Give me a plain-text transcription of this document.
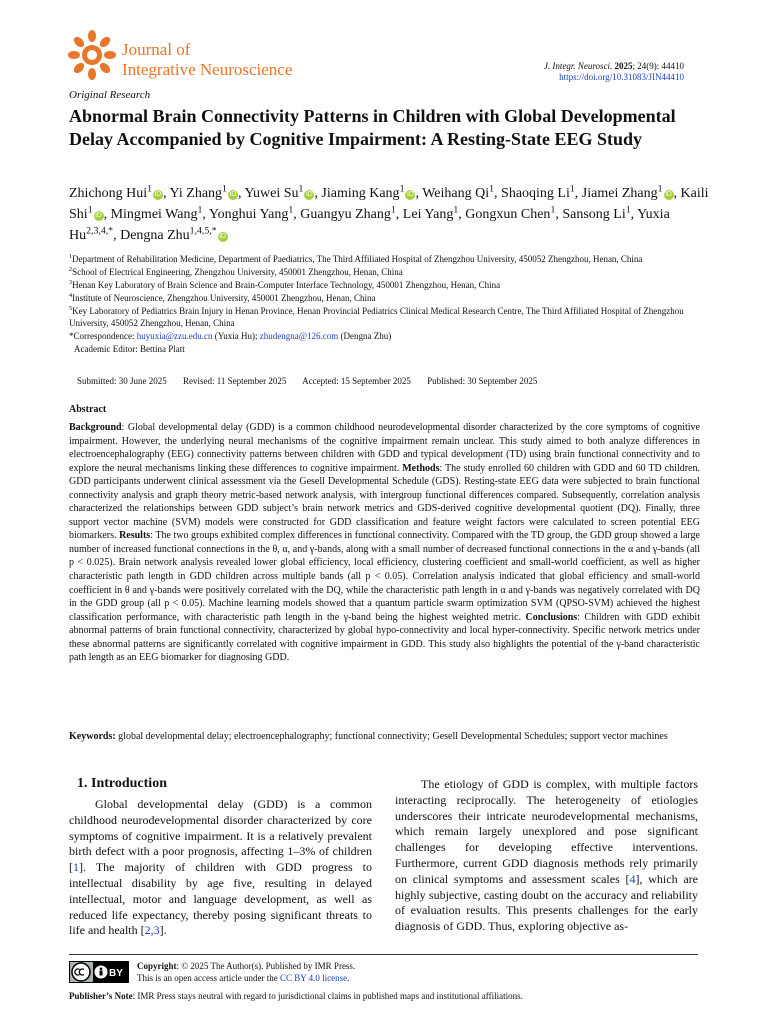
Journal of
Integrative Neuroscience	J. Integr. Neurosci. 2025; 24(9): 44410
https://doi.org/10.31083/JIN44410
Original Research
Abnormal Brain Connectivity Patterns in Children with Global Developmental Delay Accompanied by Cognitive Impairment: A Resting-State EEG Study
Zhichong Hui$^1$iD , Yi Zhang$^1$iD , Yuwei Su$^1$iD , Jiaming Kang$^1$iD , Weihang Qi$^1$, Shaoqing Li$^1$, Jiamei Zhang$^1$iD , Kaili Shi$^1$iD , Mingmei Wang$^1$, Yonghui Yang$^1$, Guangyu Zhang$^1$, Lei Yang$^1$, Gongxun Chen$^1$, Sansong Li$^1$, Yuxia $Hu^{2,3,4,*}$, Dengna Zhu$^{1,4,5,*}$iD

$^1$Department of Rehabilitation Medicine, Department of Paediatrics, The Third Affiliated Hospital of Zhengzhou University, 450052 Zhengzhou, Henan, China

$^2$School of Electrical Engineering, Zhengzhou University, 450001 Zhengzhou, Henan, China

$^3$Henan Key Laboratory of Brain Science and Brain-Computer Interface Technology, 450001 Zhengzhou, Henan, China

$^4$Institute of Neuroscience, Zhengzhou University, 450001 Zhengzhou, Henan, China

$^5$Key Laboratory of Pediatrics Brain Injury in Henan Province, Henan Provincial Pediatrics Clinical Medical Research Centre, The Third Affiliated Hospital of Zhengzhou University, 450052 Zhengzhou, Henan, China

*Correspondence: huyuxia@zzu.edu.cn (Yuxia Hu); zhudengna@126.com (Dengna Zhu)

Academic Editor: Bettina Platt

Submitted: 30 June 2025 Revised: 11 September 2025 Accepted: 15 September 2025 Published: 30 September 2025
Abstract
Background: Global developmental delay (GDD) is a common childhood neurodevelopmental disorder characterized by the core symptoms of cognitive impairment. However, the underlying neural mechanisms of the cognitive impairment remain unclear. This study aimed to both analyze differences in electroencephalography (EEG) connectivity patterns between children with GDD and typical development (TD) using brain functional connectivity and to explore the neural mechanisms linking these differences to cognitive impairment. Methods: The study enrolled 60 children with GDD and 60 TD children. GDD participants underwent clinical assessment via the Gesell Developmental Schedule (GDS). Resting-state EEG data were subjected to brain functional connectivity analysis and graph theory metric-based network analysis, with intergroup functional differences compared. Subsequently, correlation analysis characterized the relationships between GDD subject’s brain network metrics and GDS-derived cognitive developmental quotient (DQ). Finally, three support vector machine (SVM) models were constructed for GDD classification and feature weight factors were calculated to screen potential EEG biomarkers. Results: The two groups exhibited complex differences in functional connectivity. Compared with the TD group, the GDD group showed a large number of increased functional connections in the θ, α, and γ-bands, along with a small number of decreased functional connections in the α and γ-bands (all p < 0.025). Brain network analysis revealed lower global efficiency, local efficiency, clustering coefficient and small-world coefficient, as well as higher characteristic path length in GDD children across multiple bands (all p < 0.05). Correlation analysis indicated that global efficiency and small-world coefficient in θ and γ-bands were positively correlated with the DQ, while the characteristic path length in α and γ-bands was negatively correlated with DQ in the GDD group (all p < 0.05). Machine learning models showed that a quantum particle swarm optimization SVM (QPSO-SVM) achieved the highest classification performance, with characteristic path length in the γ-band being the highest weighted metric. Conclusions: Children with GDD exhibit abnormal patterns of brain functional connectivity, characterized by global hypo-connectivity and local hyper-connectivity. Specific network metrics under these abnormal patterns are significantly correlated with cognitive impairment in GDD. This study also highlights the potential of the γ-band characteristic path length as an EEG biomarker for diagnosing GDD.
Keywords: global developmental delay; electroencephalography; functional connectivity; Gesell Developmental Schedules; support vector machines
1. Introduction
Global developmental delay (GDD) is a common childhood neurodevelopmental disorder characterized by core symptoms of cognitive impairment. It is a relatively prevalent birth defect with a poor prognosis, affecting 1–3% of children [1]. The majority of children with GDD progress to intellectual disability by age five, resulting in delayed intellectual, motor and language development, as well as reduced life expectancy, thereby posing significant threats to life and health [2,3].
The etiology of GDD is complex, with multiple factors interacting reciprocally. The heterogeneity of etiologies underscores their intricate neurodevelopmental mechanisms, which remain largely unexplored and pose significant challenges for developing effective interventions. Furthermore, current GDD diagnosis methods rely primarily on clinical symptoms and assessment scales [4], which are highly subjective, casting doubt on the accuracy and reliability of evaluation results. This presents challenges for the early diagnosis of GDD. Thus, exploring objective as-
BY
Copyright: © 2025 The Author(s). Published by IMR Press.
This is an open access article under the CC BY 4.0 license.
Publisher’s Note: IMR Press stays neutral with regard to jurisdictional claims in published maps and institutional affiliations.
